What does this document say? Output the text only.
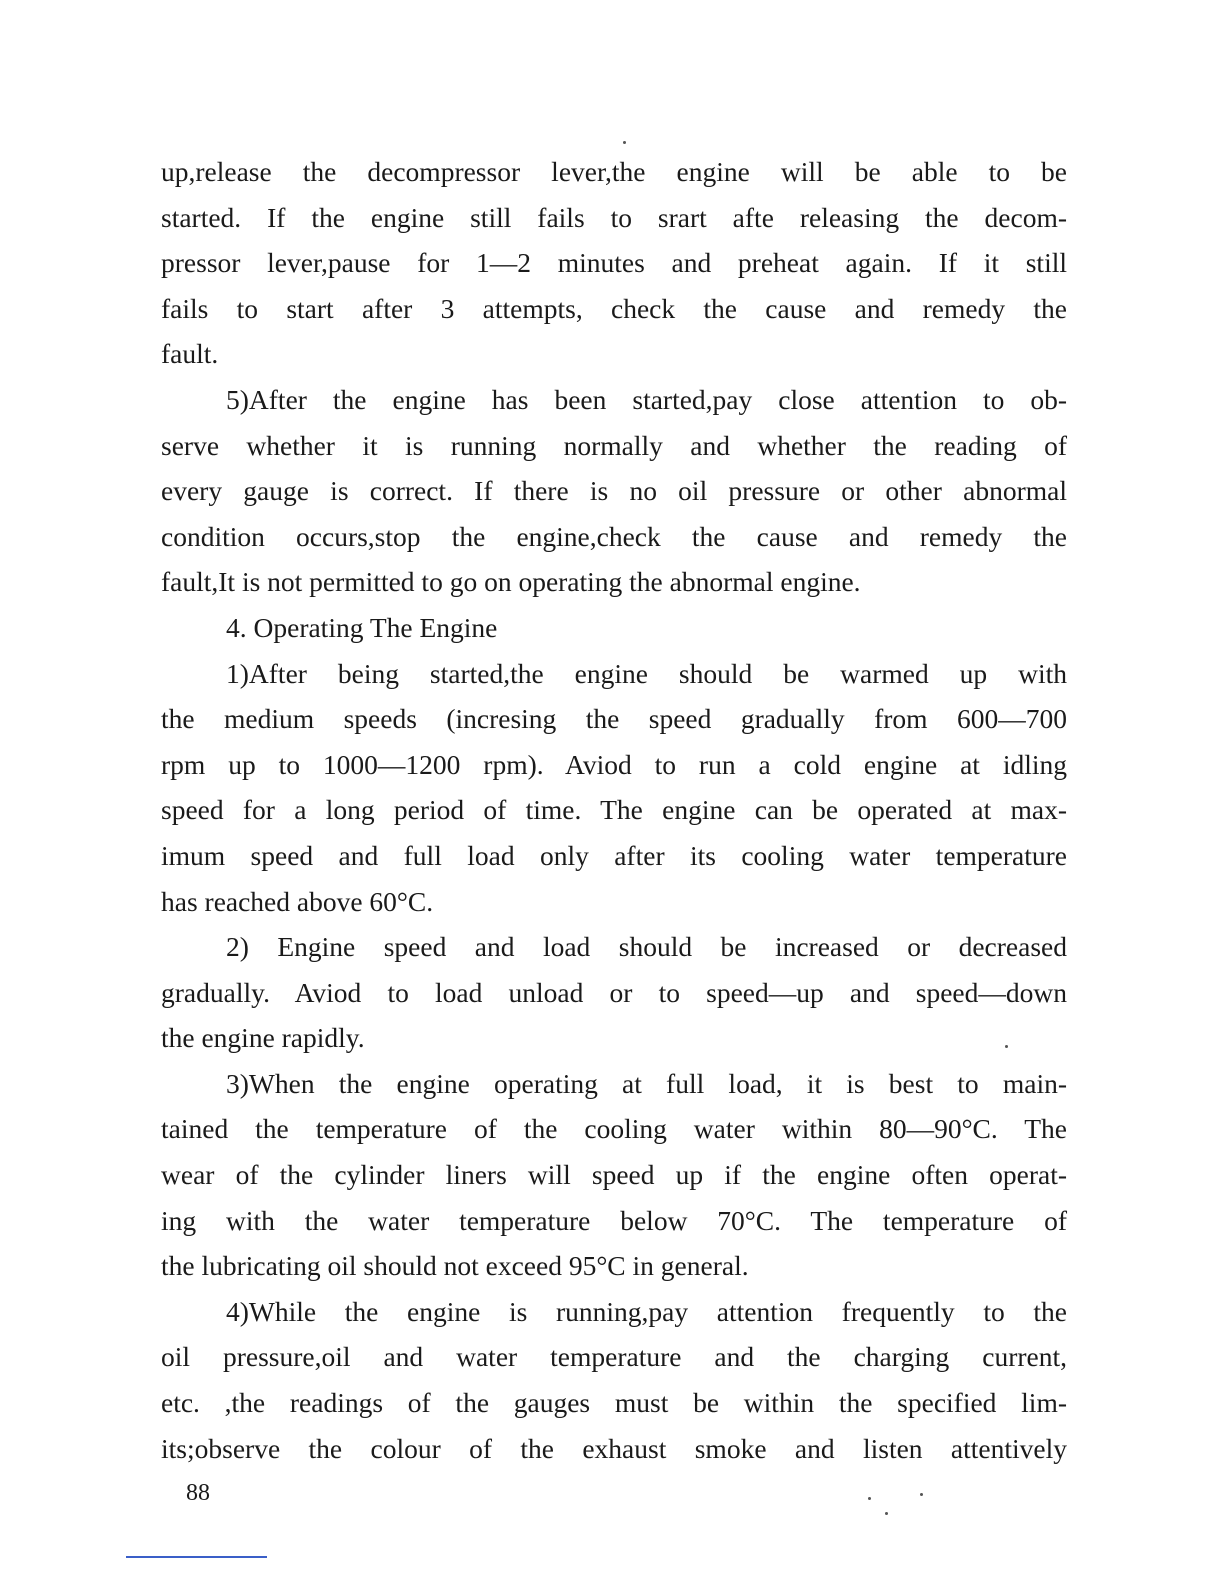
up,release the decompressor lever,the engine will be able to be
started. If the engine still fails to srart afte releasing the decom-
pressor lever,pause for 1—2 minutes and preheat again. If it still
fails to start after 3 attempts, check the cause and remedy the
fault.
5)After the engine has been started,pay close attention to ob-
serve whether it is running normally and whether the reading of
every gauge is correct. If there is no oil pressure or other abnormal
condition occurs,stop the engine,check the cause and remedy the
fault,It is not permitted to go on operating the abnormal engine.
4. Operating The Engine
1)After being started,the engine should be warmed up with
the medium speeds (incresing the speed gradually from 600—700
rpm up to 1000—1200 rpm). Aviod to run a cold engine at idling
speed for a long period of time. The engine can be operated at max-
imum speed and full load only after its cooling water temperature
has reached above 60°C.
2) Engine speed and load should be increased or decreased
gradually. Aviod to load unload or to speed—up and speed—down
the engine rapidly.
3)When the engine operating at full load, it is best to main-
tained the temperature of the cooling water within 80—90°C. The
wear of the cylinder liners will speed up if the engine often operat-
ing with the water temperature below 70°C. The temperature of
the lubricating oil should not exceed 95°C in general.
4)While the engine is running,pay attention frequently to the
oil pressure,oil and water temperature and the charging current,
etc. ,the readings of the gauges must be within the specified lim-
its;observe the colour of the exhaust smoke and listen attentively
88
